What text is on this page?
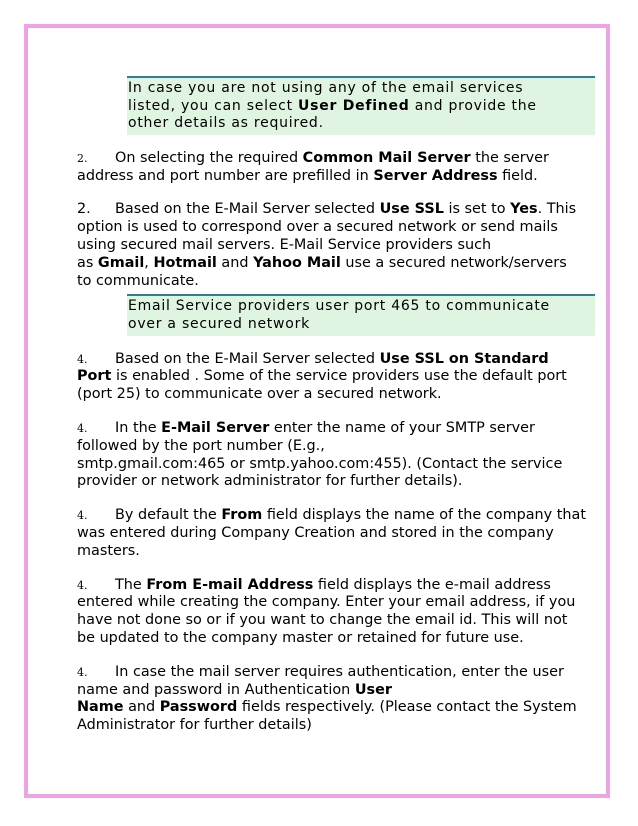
In case you are not using any of the email services
listed, you can select User Defined and provide the
other details as required.
2. On selecting the required Common Mail Server the server
address and port number are prefilled in Server Address field.
2. Based on the E-Mail Server selected Use SSL is set to Yes. This
option is used to correspond over a secured network or send mails
using secured mail servers. E-Mail Service providers such
as Gmail, Hotmail and Yahoo Mail use a secured network/servers
to communicate.
Email Service providers user port 465 to communicate
over a secured network
4. Based on the E-Mail Server selected Use SSL on Standard
Port is enabled . Some of the service providers use the default port
(port 25) to communicate over a secured network.
4. In the E-Mail Server enter the name of your SMTP server
followed by the port number (E.g.,
smtp.gmail.com:465 or smtp.yahoo.com:455). (Contact the service
provider or network administrator for further details).
4. By default the From field displays the name of the company that
was entered during Company Creation and stored in the company
masters.
4. The From E-mail Address field displays the e-mail address
entered while creating the company. Enter your email address, if you
have not done so or if you want to change the email id. This will not
be updated to the company master or retained for future use.
4. In case the mail server requires authentication, enter the user
name and password in Authentication User
Name and Password fields respectively. (Please contact the System
Administrator for further details)
